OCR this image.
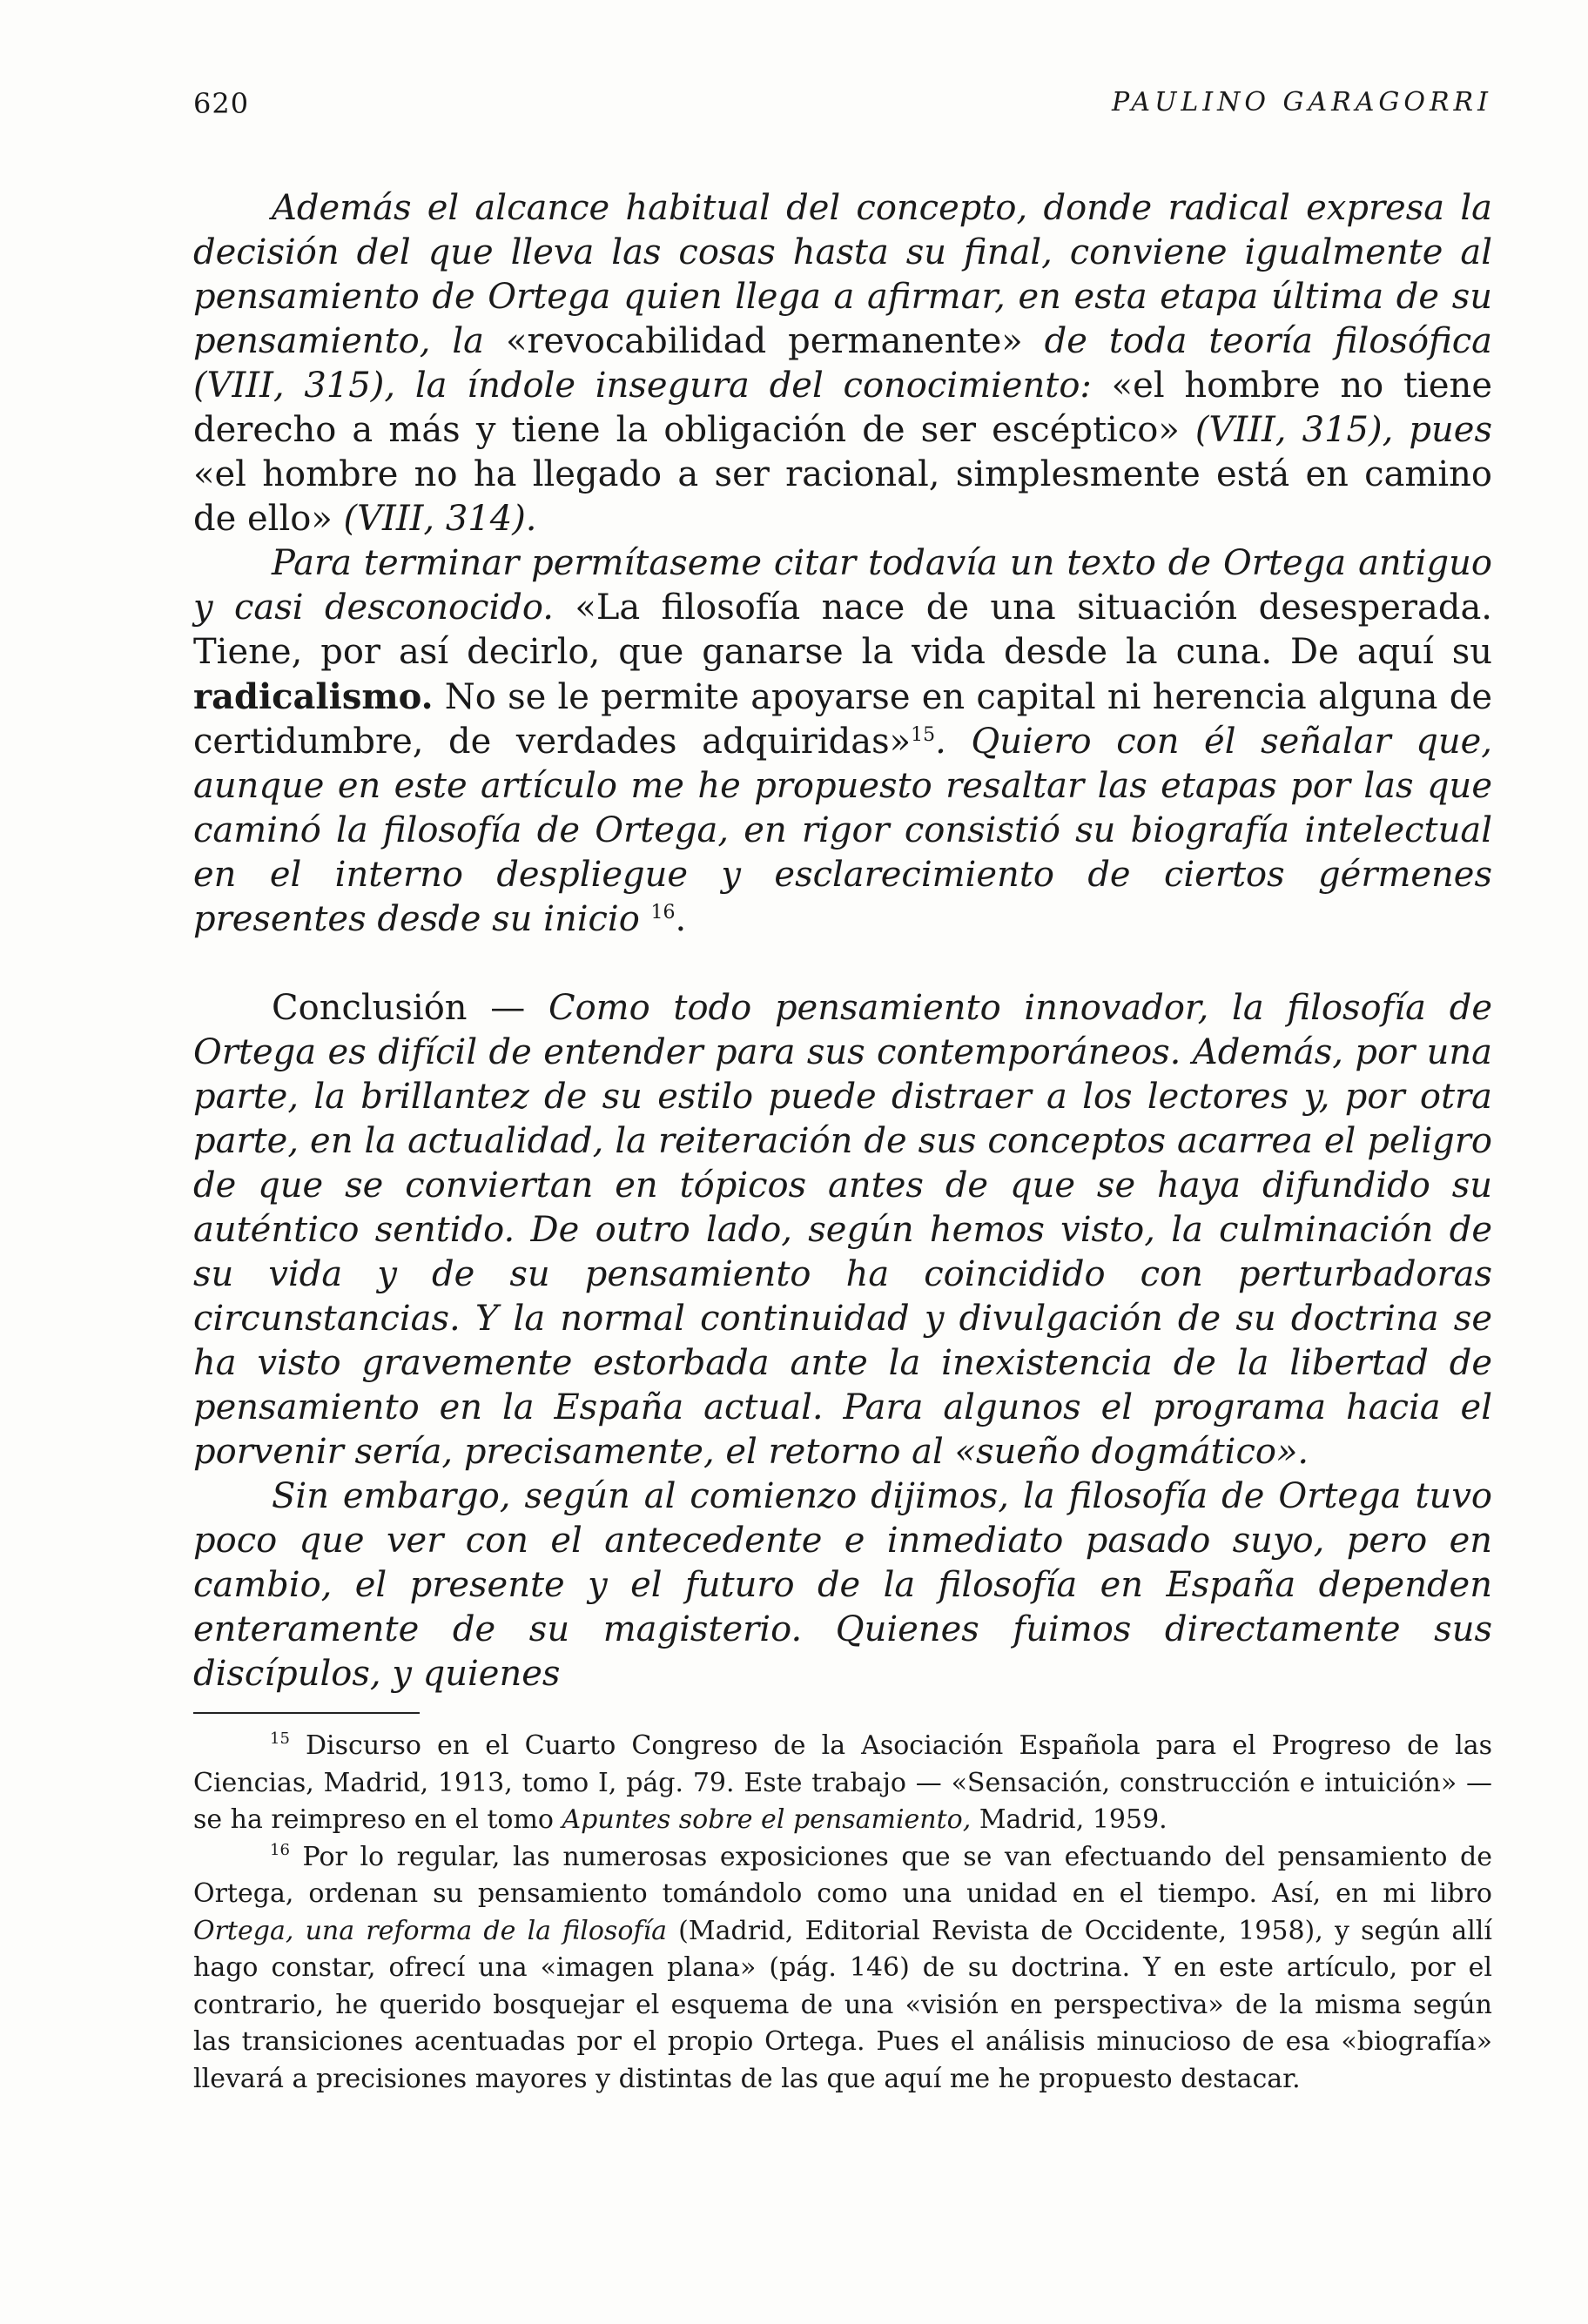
620	PAULINO GARAGORRI

Además el alcance habitual del concepto, donde radical expresa la decisión del que lleva las cosas hasta su final, conviene igualmente al pensamiento de Ortega quien llega a afirmar, en esta etapa última de su pensamiento, la «revocabilidad permanente» de toda teoría filosófica (VIII, 315), la índole insegura del conocimiento: «el hombre no tiene derecho a más y tiene la obligación de ser escéptico» (VIII, 315), pues «el hombre no ha llegado a ser racional, simplesmente está en camino de ello» (VIII, 314).

Para terminar permítaseme citar todavía un texto de Ortega antiguo y casi desconocido. «La filosofía nace de una situación desesperada. Tiene, por así decirlo, que ganarse la vida desde la cuna. De aquí su radicalismo. No se le permite apoyarse en capital ni herencia alguna de certidumbre, de verdades adquiridas»$^{15}$. Quiero con él señalar que, aunque en este artículo me he propuesto resaltar las etapas por las que caminó la filosofía de Ortega, en rigor consistió su biografía intelectual en el interno despliegue y esclarecimiento de ciertos gérmenes presentes desde su inicio $^{16}$.

Conclusión — Como todo pensamiento innovador, la filosofía de Ortega es difícil de entender para sus contemporáneos. Además, por una parte, la brillantez de su estilo puede distraer a los lectores y, por otra parte, en la actualidad, la reiteración de sus conceptos acarrea el peligro de que se conviertan en tópicos antes de que se haya difundido su auténtico sentido. De outro lado, según hemos visto, la culminación de su vida y de su pensamiento ha coincidido con perturbadoras circunstancias. Y la normal continuidad y divulgación de su doctrina se ha visto gravemente estorbada ante la inexistencia de la libertad de pensamiento en la España actual. Para algunos el programa hacia el porvenir sería, precisamente, el retorno al «sueño dogmático».

Sin embargo, según al comienzo dijimos, la filosofía de Ortega tuvo poco que ver con el antecedente e inmediato pasado suyo, pero en cambio, el presente y el futuro de la filosofía en España dependen enteramente de su magisterio. Quienes fuimos directamente sus discípulos, y quienes

$^{15}$ Discurso en el Cuarto Congreso de la Asociación Española para el Progreso de las Ciencias, Madrid, 1913, tomo I, pág. 79. Este trabajo — «Sensación, construcción e intuición» — se ha reimpreso en el tomo Apuntes sobre el pensamiento, Madrid, 1959.

$^{16}$ Por lo regular, las numerosas exposiciones que se van efectuando del pensamiento de Ortega, ordenan su pensamiento tomándolo como una unidad en el tiempo. Así, en mi libro Ortega, una reforma de la filosofía (Madrid, Editorial Revista de Occidente, 1958), y según allí hago constar, ofrecí una «imagen plana» (pág. 146) de su doctrina. Y en este artículo, por el contrario, he querido bosquejar el esquema de una «visión en perspectiva» de la misma según las transiciones acentuadas por el propio Ortega. Pues el análisis minucioso de esa «biografía» llevará a precisiones mayores y distintas de las que aquí me he propuesto destacar.
